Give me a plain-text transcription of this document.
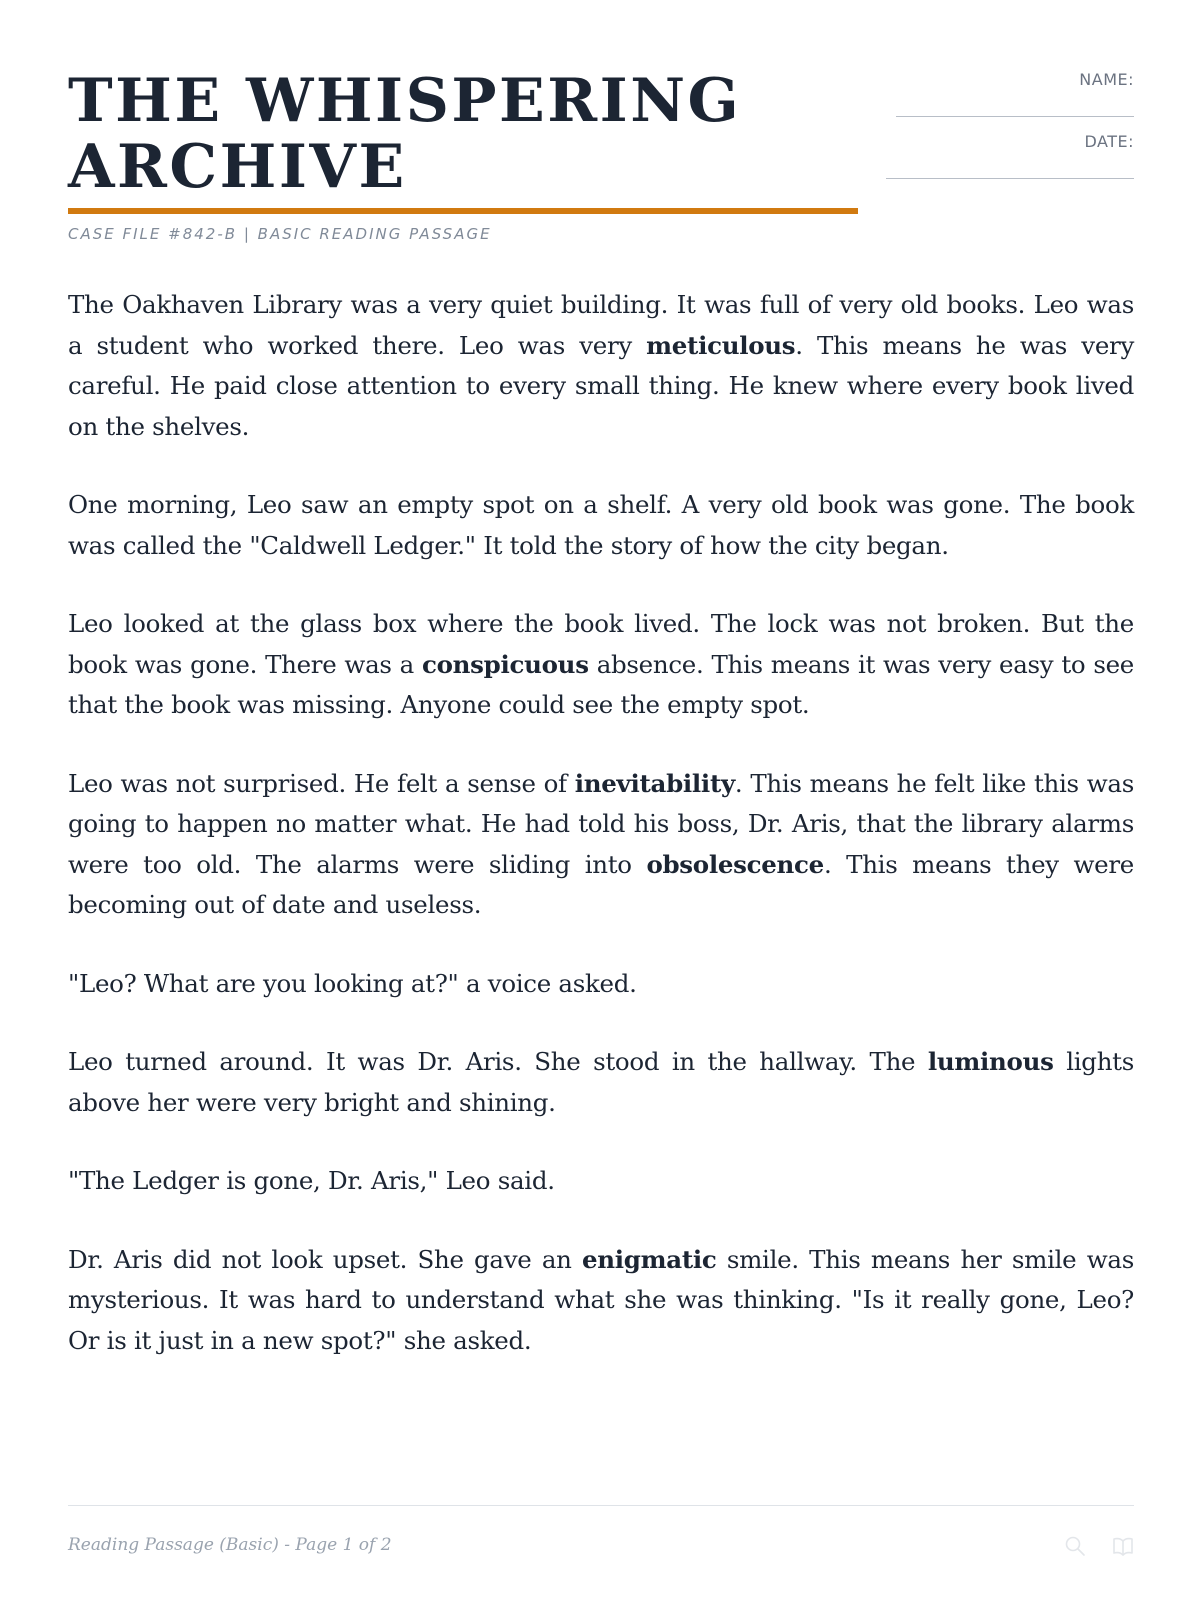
THE WHISPERING
ARCHIVE
CASE FILE #842-B | BASIC READING PASSAGE
NAME:
DATE:

The Oakhaven Library was a very quiet building. It was full of very old books. Leo was a student who worked there. Leo was very meticulous. This means he was very careful. He paid close attention to every small thing. He knew where every book lived on the shelves.

One morning, Leo saw an empty spot on a shelf. A very old book was gone. The book was called the "Caldwell Ledger." It told the story of how the city began.

Leo looked at the glass box where the book lived. The lock was not broken. But the book was gone. There was a conspicuous absence. This means it was very easy to see that the book was missing. Anyone could see the empty spot.

Leo was not surprised. He felt a sense of inevitability. This means he felt like this was going to happen no matter what. He had told his boss, Dr. Aris, that the library alarms were too old. The alarms were sliding into obsolescence. This means they were becoming out of date and useless.

"Leo? What are you looking at?" a voice asked.

Leo turned around. It was Dr. Aris. She stood in the hallway. The luminous lights above her were very bright and shining.

"The Ledger is gone, Dr. Aris," Leo said.

Dr. Aris did not look upset. She gave an enigmatic smile. This means her smile was mysterious. It was hard to understand what she was thinking. "Is it really gone, Leo? Or is it just in a new spot?" she asked.

Reading Passage (Basic) - Page 1 of 2
